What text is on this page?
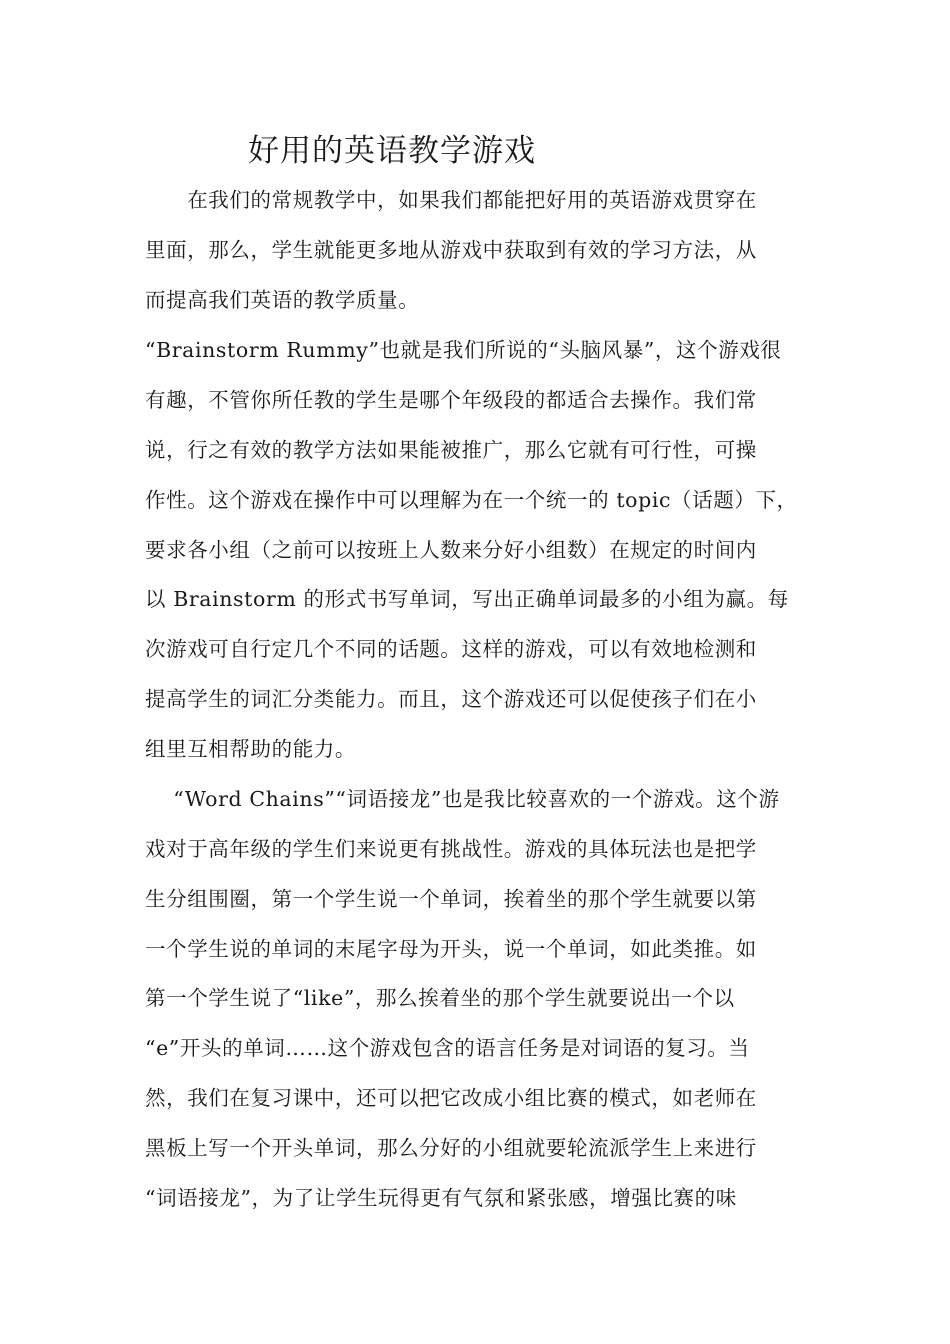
好用的英语教学游戏
　　在我们的常规教学中，如果我们都能把好用的英语游戏贯穿在
里面，那么，学生就能更多地从游戏中获取到有效的学习方法，从
而提高我们英语的教学质量。
“Brainstorm Rummy”也就是我们所说的“头脑风暴”，这个游戏很
有趣，不管你所任教的学生是哪个年级段的都适合去操作。我们常
说，行之有效的教学方法如果能被推广，那么它就有可行性，可操
作性。这个游戏在操作中可以理解为在一个统一的 topic（话题）下，
要求各小组（之前可以按班上人数来分好小组数）在规定的时间内
以 Brainstorm 的形式书写单词，写出正确单词最多的小组为赢。每
次游戏可自行定几个不同的话题。这样的游戏，可以有效地检测和
提高学生的词汇分类能力。而且，这个游戏还可以促使孩子们在小
组里互相帮助的能力。
　 “Word Chains”“词语接龙”也是我比较喜欢的一个游戏。这个游
戏对于高年级的学生们来说更有挑战性。游戏的具体玩法也是把学
生分组围圈，第一个学生说一个单词，挨着坐的那个学生就要以第
一个学生说的单词的末尾字母为开头，说一个单词，如此类推。如
第一个学生说了“like”，那么挨着坐的那个学生就要说出一个以
“e”开头的单词……这个游戏包含的语言任务是对词语的复习。当
然，我们在复习课中，还可以把它改成小组比赛的模式，如老师在
黑板上写一个开头单词，那么分好的小组就要轮流派学生上来进行
“词语接龙”，为了让学生玩得更有气氛和紧张感，增强比赛的味
